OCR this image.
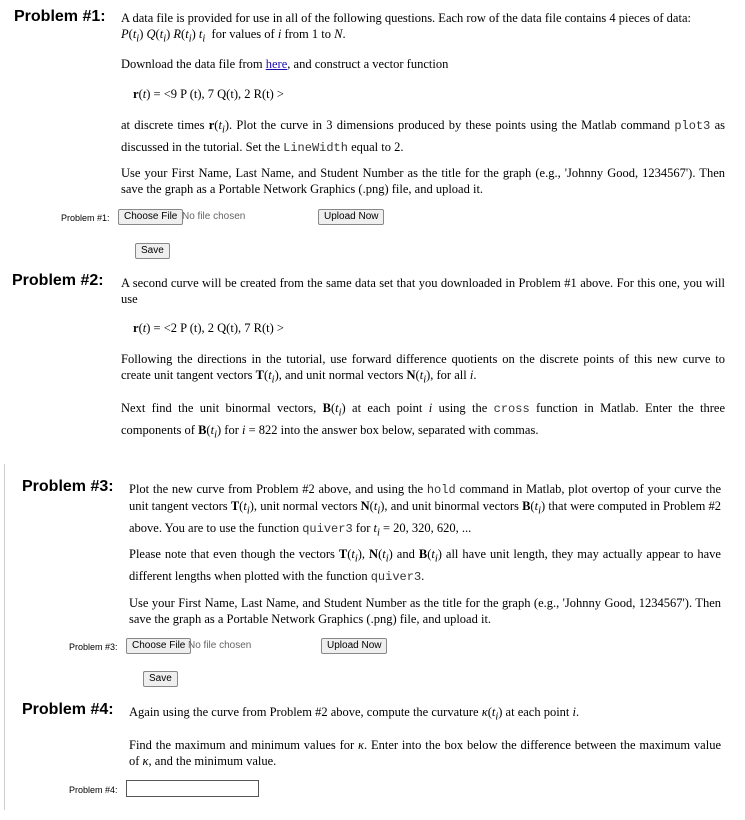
Problem #1: A data file is provided for use in all of the following questions. Each row of the data file contains 4 pieces of data:
$P(t_i)$ $Q(t_i)$ $R(t_i)$ $t_i$ for values of i from 1 to N.
Download the data file from here, and construct a vector function
r(t) = <9 P (t), 7 Q(t), 2 R(t) >
at discrete times $r(t_i)$. Plot the curve in 3 dimensions produced by these points using the Matlab command plot3 as discussed in the tutorial. Set the LineWidth equal to 2.
Use your First Name, Last Name, and Student Number as the title for the graph (e.g., 'Johnny Good, 1234567'). Then save the graph as a Portable Network Graphics (.png) file, and upload it.
Problem #1:	Choose File No file chosen	Upload Now
Save
Problem #2: A second curve will be created from the same data set that you downloaded in Problem #1 above. For this one, you will use
r(t) = <2 P (t), 2 Q(t), 7 R(t) >
Following the directions in the tutorial, use forward difference quotients on the discrete points of this new curve to create unit tangent vectors $T(t_i)$, and unit normal vectors $N(t_i)$, for all i.
Next find the unit binormal vectors, $B(t_i)$ at each point i using the cross function in Matlab. Enter the three components of $B(t_i)$ for i = 822 into the answer box below, separated with commas.
Problem #3: Plot the new curve from Problem #2 above, and using the hold command in Matlab, plot overtop of your curve the unit tangent vectors $T(t_i)$, unit normal vectors $N(t_i)$, and unit binormal vectors $B(t_i)$ that were computed in Problem #2 above. You are to use the function quiver3 for $t_i = 20$, 320, 620, ...
Please note that even though the vectors $T(t_i)$, $N(t_i)$ and $B(t_i)$ all have unit length, they may actually appear to have different lengths when plotted with the function quiver3.
Use your First Name, Last Name, and Student Number as the title for the graph (e.g., 'Johnny Good, 1234567'). Then save the graph as a Portable Network Graphics (.png) file, and upload it.
Problem #3:	Choose File No file chosen	Upload Now
Save
Problem #4: Again using the curve from Problem #2 above, compute the curvature $\kappa(t_i)$ at each point i.
Find the maximum and minimum values for κ. Enter into the box below the difference between the maximum value of κ, and the minimum value.
Problem #4:
